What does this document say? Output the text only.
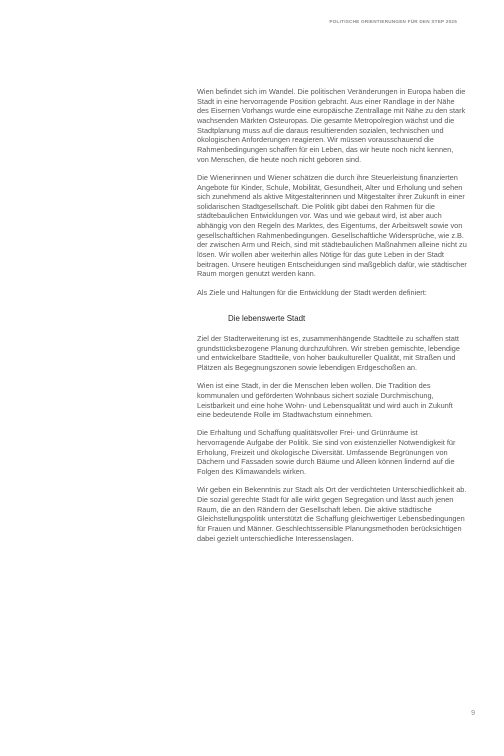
POLITISCHE ORIENTIERUNGEN FÜR DEN STEP 2025

Wien befindet sich im Wandel. Die politischen Veränderungen in Europa haben die Stadt in eine hervorragende Position gebracht. Aus einer Randlage in der Nähe des Eisernen Vorhangs wurde eine europäische Zentrallage mit Nähe zu den stark wachsenden Märkten Osteuropas. Die gesamte Metropolregion wächst und die Stadtplanung muss auf die daraus resultierenden sozialen, technischen und ökologischen Anforderungen reagieren. Wir müssen vorausschauend die Rahmenbedingungen schaffen für ein Leben, das wir heute noch nicht kennen, von Menschen, die heute noch nicht geboren sind.

Die Wienerinnen und Wiener schätzen die durch ihre Steuerleistung finanzierten Angebote für Kinder, Schule, Mobilität, Gesundheit, Alter und Erholung und sehen sich zunehmend als aktive Mitgestalterinnen und Mitgestalter ihrer Zukunft in einer solidarischen Stadtgesellschaft. Die Politik gibt dabei den Rahmen für die städtebaulichen Entwicklungen vor. Was und wie gebaut wird, ist aber auch abhängig von den Regeln des Marktes, des Eigentums, der Arbeitswelt sowie von gesellschaftlichen Rahmenbedingungen. Gesellschaftliche Widersprüche, wie z.B. der zwischen Arm und Reich, sind mit städtebaulichen Maßnahmen alleine nicht zu lösen. Wir wollen aber weiterhin alles Nötige für das gute Leben in der Stadt beitragen. Unsere heutigen Entscheidungen sind maßgeblich dafür, wie städtischer Raum morgen genutzt werden kann.

Als Ziele und Haltungen für die Entwicklung der Stadt werden definiert:

Die lebenswerte Stadt

Ziel der Stadterweiterung ist es, zusammenhängende Stadtteile zu schaffen statt grundstücksbezogene Planung durchzuführen. Wir streben gemischte, lebendige und entwickelbare Stadtteile, von hoher baukultureller Qualität, mit Straßen und Plätzen als Begegnungszonen sowie lebendigen Erdgeschoßen an.

Wien ist eine Stadt, in der die Menschen leben wollen. Die Tradition des kommunalen und geförderten Wohnbaus sichert soziale Durchmischung, Leistbarkeit und eine hohe Wohn- und Lebensqualität und wird auch in Zukunft eine bedeutende Rolle im Stadtwachstum einnehmen.

Die Erhaltung und Schaffung qualitätsvoller Frei- und Grünräume ist hervorragende Aufgabe der Politik. Sie sind von existenzieller Notwendigkeit für Erholung, Freizeit und ökologische Diversität. Umfassende Begrünungen von Dächern und Fassaden sowie durch Bäume und Alleen können lindernd auf die Folgen des Klimawandels wirken.

Wir geben ein Bekenntnis zur Stadt als Ort der verdichteten Unterschiedlichkeit ab. Die sozial gerechte Stadt für alle wirkt gegen Segregation und lässt auch jenen Raum, die an den Rändern der Gesellschaft leben. Die aktive städtische Gleichstellungspolitik unterstützt die Schaffung gleichwertiger Lebensbedingungen für Frauen und Männer. Geschlechtssensible Planungsmethoden berücksichtigen dabei gezielt unterschiedliche Interessenslagen.

9
